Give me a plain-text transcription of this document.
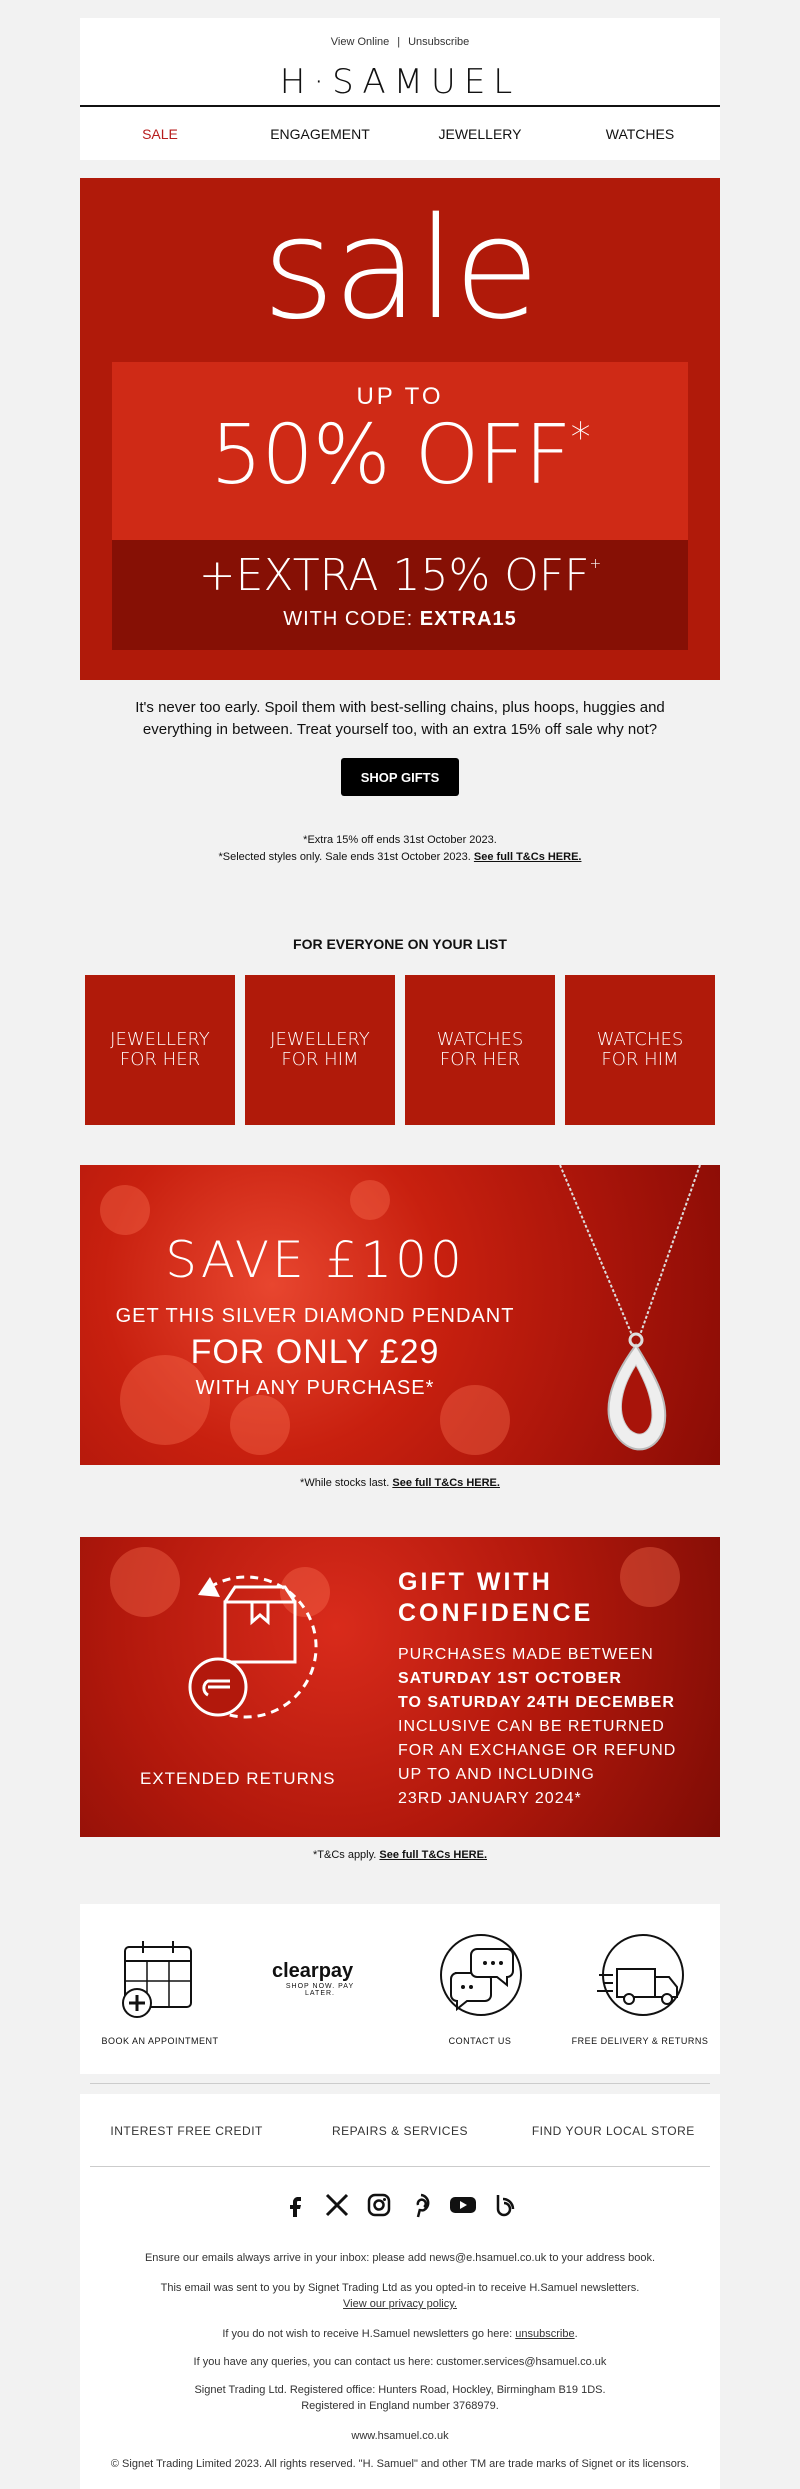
View Online | Unsubscribe
H·SAMUEL
SALE	ENGAGEMENT	JEWELLERY	WATCHES
sale
UP TO
50% OFF*
+EXTRA 15% OFF+
WITH CODE: EXTRA15
It's never too early. Spoil them with best-selling chains, plus hoops, huggies and everything in between. Treat yourself too, with an extra 15% off sale why not?
SHOP GIFTS
*Extra 15% off ends 31st October 2023.
*Selected styles only. Sale ends 31st October 2023. See full T&Cs HERE.
FOR EVERYONE ON YOUR LIST
JEWELLERY
FOR HER
JEWELLERY
FOR HIM
WATCHES
FOR HER
WATCHES
FOR HIM
SAVE £100
GET THIS SILVER DIAMOND PENDANT
FOR ONLY £29
WITH ANY PURCHASE*
*While stocks last. See full T&Cs HERE.
EXTENDED RETURNS
GIFT WITH
CONFIDENCE
PURCHASES MADE BETWEEN
SATURDAY 1ST OCTOBER
TO SATURDAY 24TH DECEMBER
INCLUSIVE CAN BE RETURNED
FOR AN EXCHANGE OR REFUND
UP TO AND INCLUDING
23RD JANUARY 2024*
*T&Cs apply. See full T&Cs HERE.
BOOK AN APPOINTMENT
clearpay
SHOP NOW. PAY LATER.
CONTACT US	FREE DELIVERY & RETURNS
INTEREST FREE CREDIT	REPAIRS & SERVICES	FIND YOUR LOCAL STORE
Ensure our emails always arrive in your inbox: please add news@e.hsamuel.co.uk to your address book.
This email was sent to you by Signet Trading Ltd as you opted-in to receive H.Samuel newsletters.
View our privacy policy.
If you do not wish to receive H.Samuel newsletters go here: unsubscribe.
If you have any queries, you can contact us here: customer.services@hsamuel.co.uk
Signet Trading Ltd. Registered office: Hunters Road, Hockley, Birmingham B19 1DS.
Registered in England number 3768979.
www.hsamuel.co.uk
© Signet Trading Limited 2023. All rights reserved. "H. Samuel" and other TM are trade marks of Signet or its licensors.
